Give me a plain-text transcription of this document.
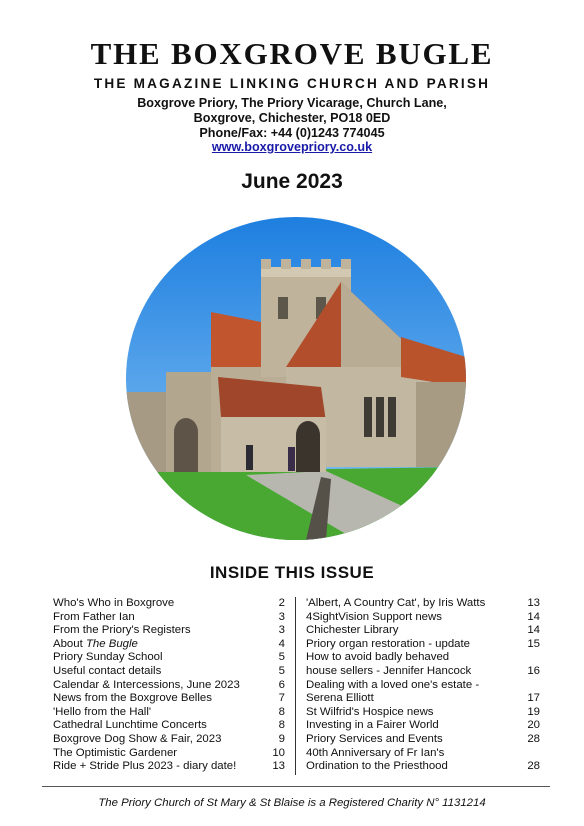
THE BOXGROVE BUGLE
THE MAGAZINE LINKING CHURCH AND PARISH
Boxgrove Priory, The Priory Vicarage, Church Lane,
Boxgrove, Chichester, PO18 0ED
Phone/Fax: +44 (0)1243 774045
www.boxgrovepriory.co.uk
June 2023
INSIDE THIS ISSUE
Who's Who in Boxgrove	2
From Father Ian	3
From the Priory's Registers	3
About The Bugle	4
Priory Sunday School	5
Useful contact details	5
Calendar & Intercessions, June 2023	6
News from the Boxgrove Belles	7
'Hello from the Hall'	8
Cathedral Lunchtime Concerts	8
Boxgrove Dog Show & Fair, 2023	9
The Optimistic Gardener	10
Ride + Stride Plus 2023 - diary date!	13
'Albert, A Country Cat', by Iris Watts	13
4SightVision Support news	14
Chichester Library	14
Priory organ restoration - update	15
How to avoid badly behaved
house sellers - Jennifer Hancock	16
Dealing with a loved one's estate -
Serena Elliott	17
St Wilfrid's Hospice news	19
Investing in a Fairer World	20
Priory Services and Events	28
40th Anniversary of Fr Ian's
Ordination to the Priesthood	28
The Priory Church of St Mary & St Blaise is a Registered Charity N° 1131214
